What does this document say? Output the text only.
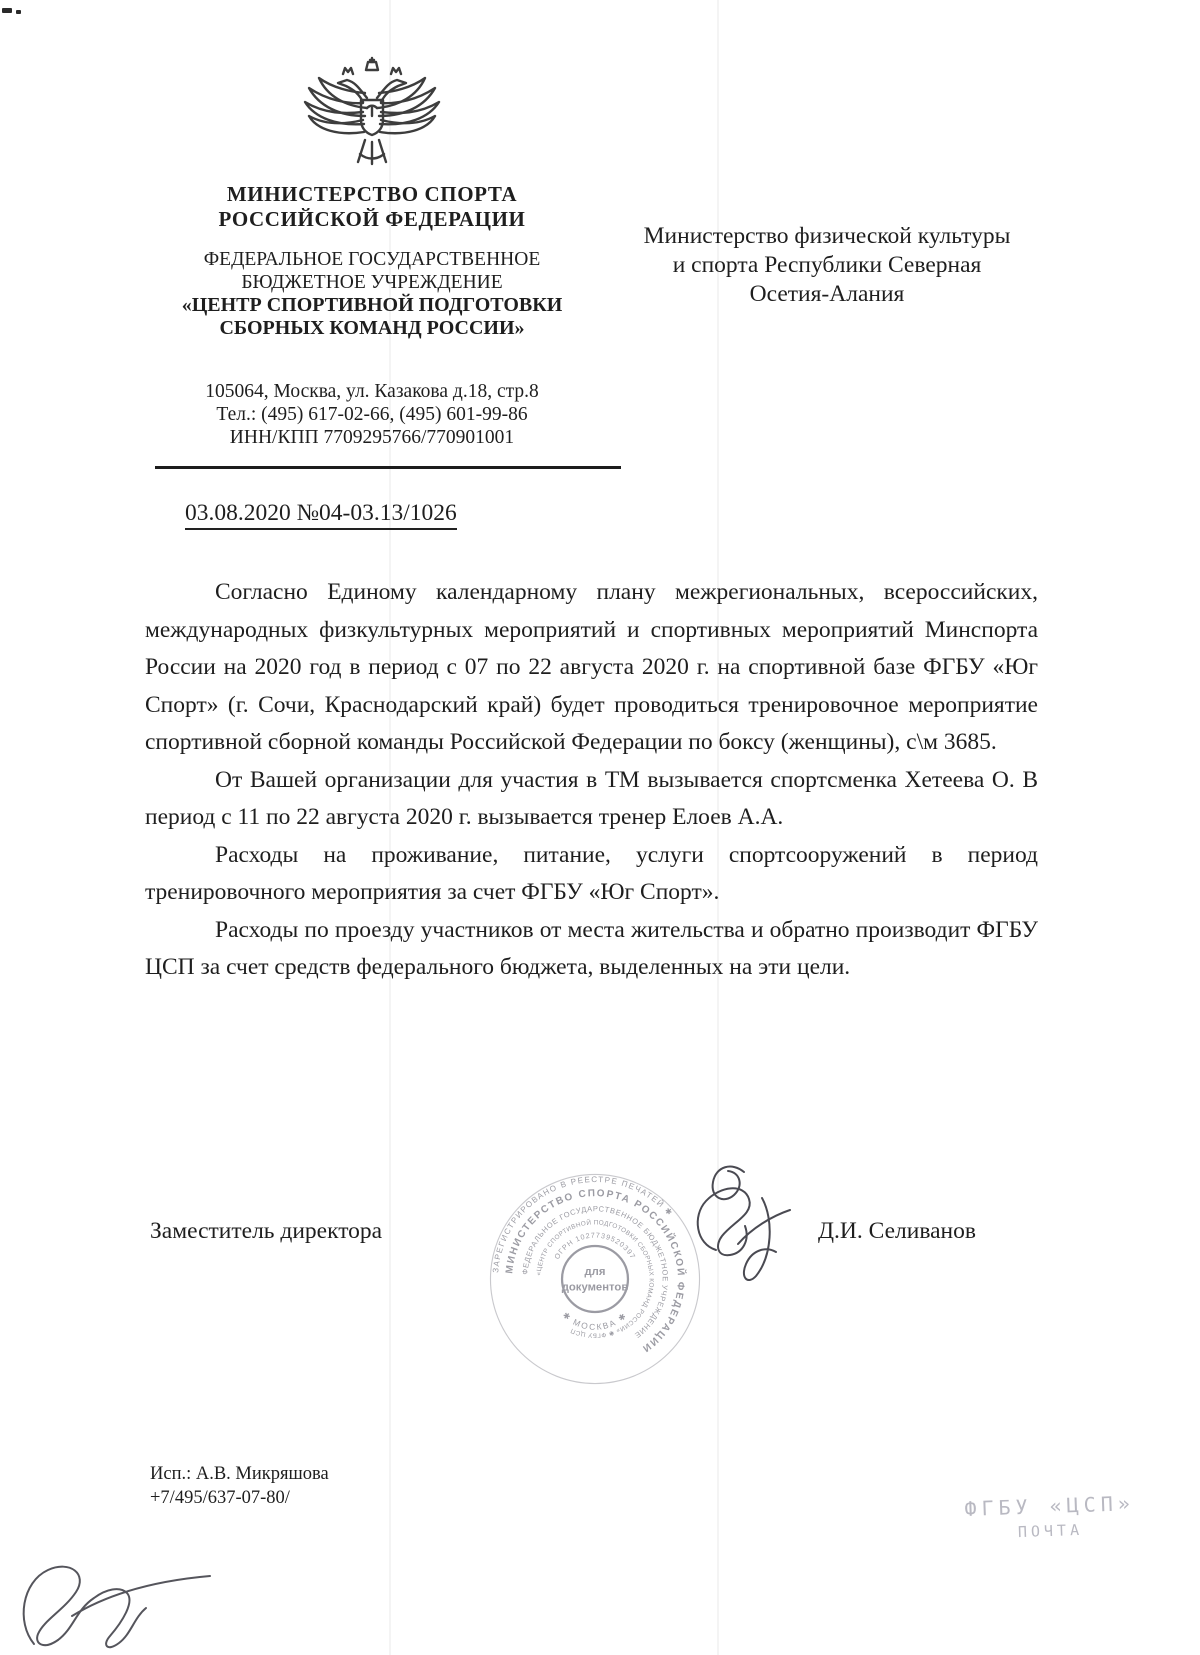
МИНИСТЕРСТВО СПОРТА
РОССИЙСКОЙ ФЕДЕРАЦИИ
ФЕДЕРАЛЬНОЕ ГОСУДАРСТВЕННОЕ
БЮДЖЕТНОЕ УЧРЕЖДЕНИЕ
«ЦЕНТР СПОРТИВНОЙ ПОДГОТОВКИ
СБОРНЫХ КОМАНД РОССИИ»
105064, Москва, ул. Казакова д.18, стр.8
Тел.: (495) 617-02-66, (495) 601-99-86
ИНН/КПП 7709295766/770901001
Министерство физической культуры
и спорта Республики Северная
Осетия-Алания
03.08.2020 №04-03.13/1026

Согласно Единому календарному плану межрегиональных, всероссийских, международных физкультурных мероприятий и спортивных мероприятий Минспорта России на 2020 год в период с 07 по 22 августа 2020 г. на спортивной базе ФГБУ «Юг Спорт» (г. Сочи, Краснодарский край) будет проводиться тренировочное мероприятие спортивной сборной команды Российской Федерации по боксу (женщины), с\м 3685.

От Вашей организации для участия в ТМ вызывается спортсменка Хетеева О. В период с 11 по 22 августа 2020 г. вызывается тренер Елоев А.А.

Расходы на проживание, питание, услуги спортсооружений в период тренировочного мероприятия за счет ФГБУ «Юг Спорт».

Расходы по проезду участников от места жительства и обратно производит ФГБУ ЦСП за счет средств федерального бюджета, выделенных на эти цели.

Заместитель директора	Д.И. Селиванов
ЗАРЕГИСТРИРОВАНО В РЕЕСТРЕ ПЕЧАТЕЙ ✱
МИНИСТЕРСТВО СПОРТА РОССИЙСКОЙ ФЕДЕРАЦИИ
ФЕДЕРАЛЬНОЕ ГОСУДАРСТВЕННОЕ БЮДЖЕТНОЕ УЧРЕЖДЕНИЕ
«ЦЕНТР СПОРТИВНОЙ ПОДГОТОВКИ СБОРНЫХ КОМАНД РОССИИ» ✱ ФГБУ ЦСП
ОГРН 1027739520397
✱ МОСКВА ✱
для
документов
Исп.: А.В. Микряшова
+7/495/637-07-80/	ФГБУ «ЦСП»
ПОЧТА
